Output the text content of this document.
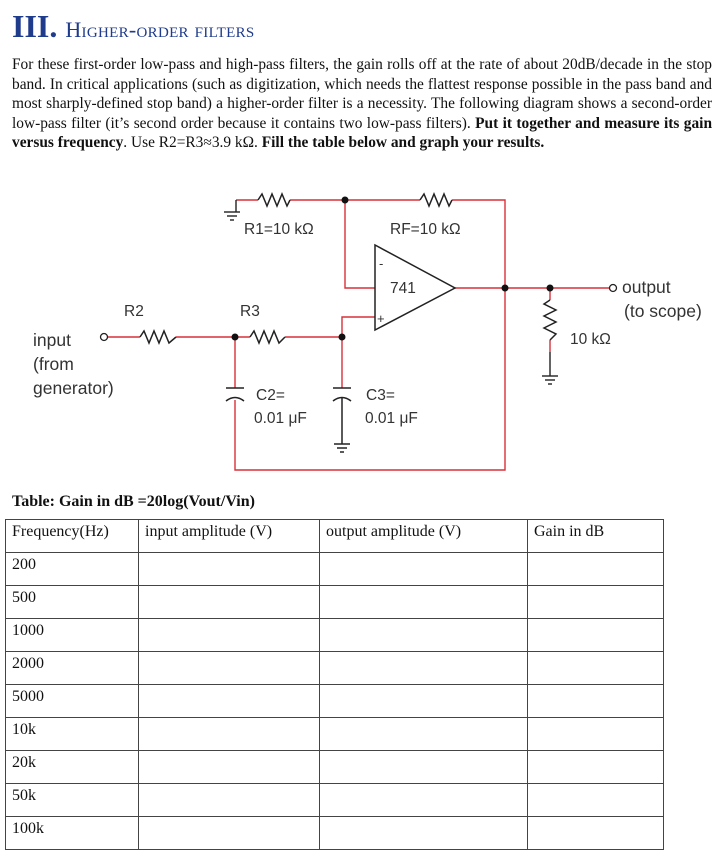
III. Higher-order filters

For these first-order low-pass and high-pass filters, the gain rolls off at the rate of about 20dB/decade in the stop band. In critical applications (such as digitization, which needs the flattest response possible in the pass band and most sharply-defined stop band) a higher-order filter is a necessity. The following diagram shows a second-order low-pass filter (it’s second order because it contains two low-pass filters). Put it together and measure its gain versus frequency. Use R2=R3≈3.9 kΩ. Fill the table below and graph your results.

R1=10 kΩ	RF=10 kΩ
741
-
+
R2	R3
input
(from
generator)	C2=
0.01 μF
C3=
0.01 μF
output
(to scope)
10 kΩ

Table: Gain in dB =20log(Vout/Vin)

Frequency(Hz)	input amplitude (V)	output amplitude (V)	Gain in dB
200			
500			
1000			
2000			
5000			
10k			
20k			
50k			
100k			
